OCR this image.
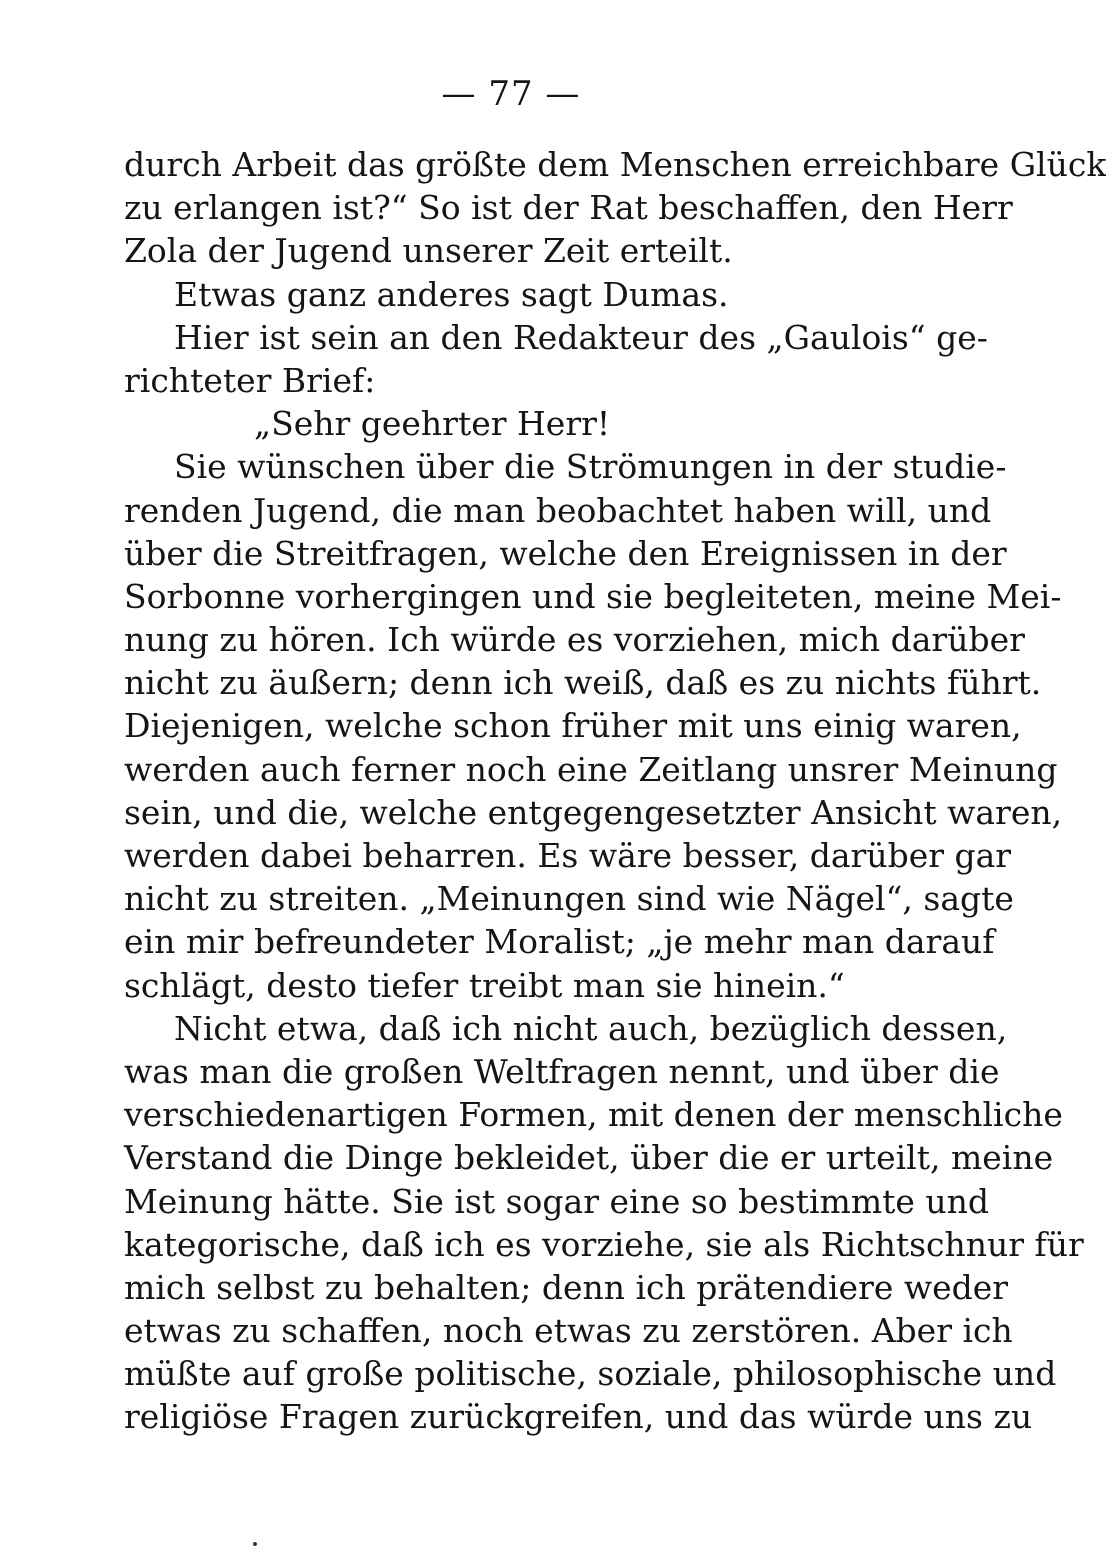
— 77 —
durch Arbeit das größte dem Menschen erreichbare Glück
zu erlangen ist?“ So ist der Rat beschaffen, den Herr
Zola der Jugend unserer Zeit erteilt.
Etwas ganz anderes sagt Dumas.
Hier ist sein an den Redakteur des „Gaulois“ ge-
richteter Brief:
„Sehr geehrter Herr!
Sie wünschen über die Strömungen in der studie-
renden Jugend, die man beobachtet haben will, und
über die Streitfragen, welche den Ereignissen in der
Sorbonne vorhergingen und sie begleiteten, meine Mei-
nung zu hören. Ich würde es vorziehen, mich darüber
nicht zu äußern; denn ich weiß, daß es zu nichts führt.
Diejenigen, welche schon früher mit uns einig waren,
werden auch ferner noch eine Zeitlang unsrer Meinung
sein, und die, welche entgegengesetzter Ansicht waren,
werden dabei beharren. Es wäre besser, darüber gar
nicht zu streiten. „Meinungen sind wie Nägel“, sagte
ein mir befreundeter Moralist; „je mehr man darauf
schlägt, desto tiefer treibt man sie hinein.“
Nicht etwa, daß ich nicht auch, bezüglich dessen,
was man die großen Weltfragen nennt, und über die
verschiedenartigen Formen, mit denen der menschliche
Verstand die Dinge bekleidet, über die er urteilt, meine
Meinung hätte. Sie ist sogar eine so bestimmte und
kategorische, daß ich es vorziehe, sie als Richtschnur für
mich selbst zu behalten; denn ich prätendiere weder
etwas zu schaffen, noch etwas zu zerstören. Aber ich
müßte auf große politische, soziale, philosophische und
religiöse Fragen zurückgreifen, und das würde uns zu
